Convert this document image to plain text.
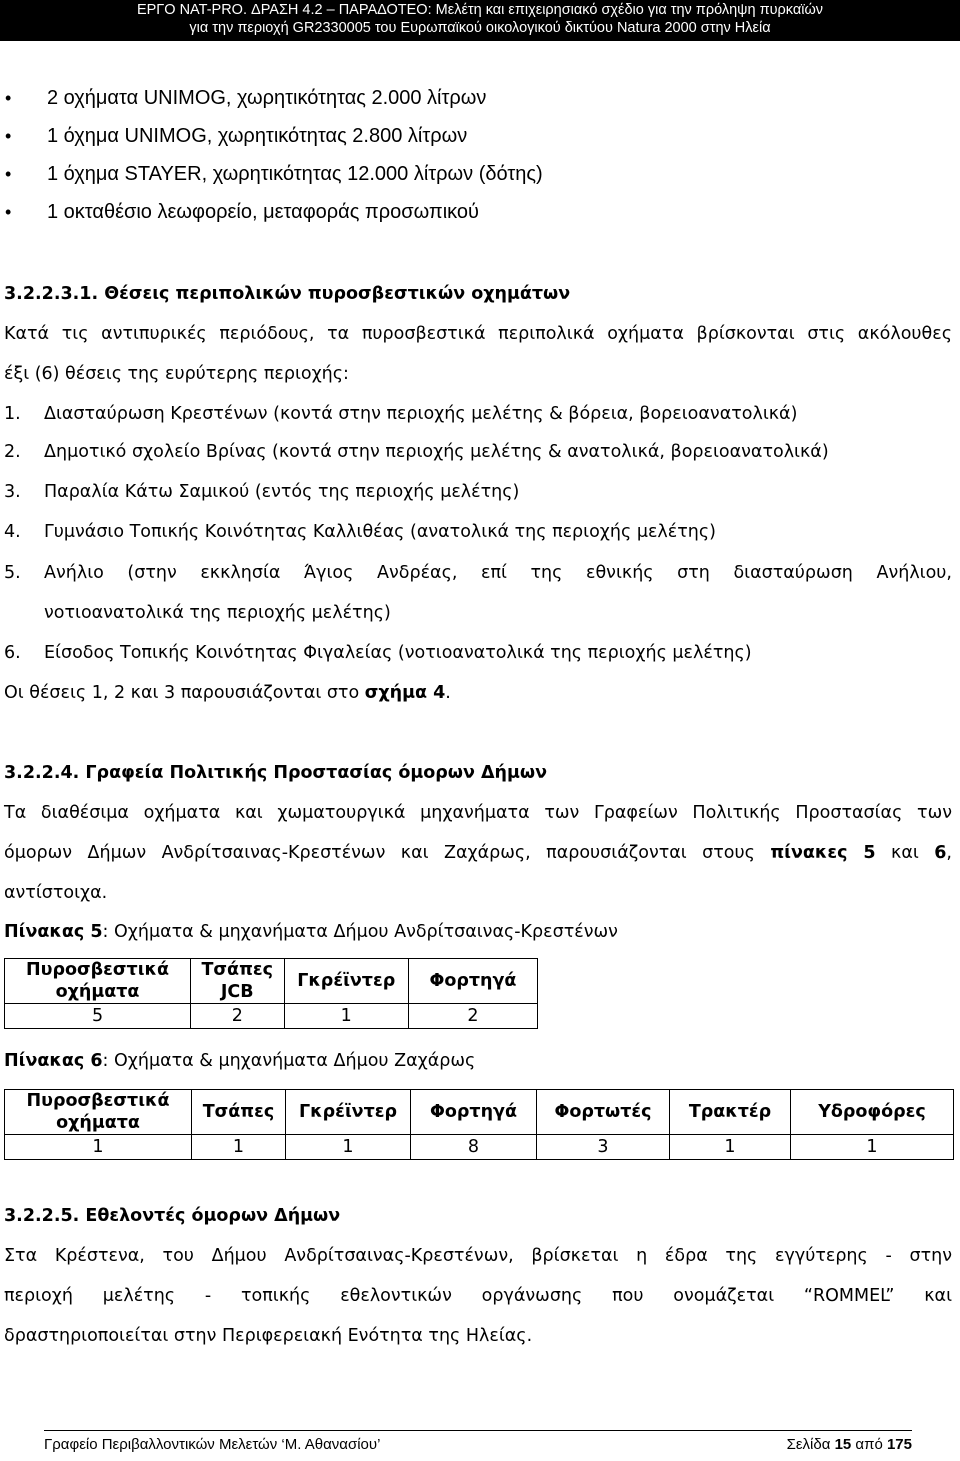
ΕΡΓΟ NAT-PRO. ΔΡΑΣΗ 4.2 – ΠΑΡΑΔΟΤΕΟ: Μελέτη και επιχειρησιακό σχέδιο για την πρόληψη πυρκαϊών
για την περιοχή GR2330005 του Ευρωπαϊκού οικολογικού δικτύου Natura 2000 στην Ηλεία
• 2 οχήματα UNIMOG, χωρητικότητας 2.000 λίτρων
• 1 όχημα UNIMOG, χωρητικότητας 2.800 λίτρων
• 1 όχημα STAYER, χωρητικότητας 12.000 λίτρων (δότης)
• 1 οκταθέσιο λεωφορείο, μεταφοράς προσωπικού
3.2.2.3.1. Θέσεις περιπολικών πυροσβεστικών οχημάτων
Κατά τις αντιπυρικές περιόδους, τα πυροσβεστικά περιπολικά οχήματα βρίσκονται στις ακόλουθες
έξι (6) θέσεις της ευρύτερης περιοχής:
1. Διασταύρωση Κρεστένων (κοντά στην περιοχής μελέτης & βόρεια, βορειοανατολικά)
2. Δημοτικό σχολείο Βρίνας (κοντά στην περιοχής μελέτης & ανατολικά, βορειοανατολικά)
3. Παραλία Κάτω Σαμικού (εντός της περιοχής μελέτης)
4. Γυμνάσιο Τοπικής Κοινότητας Καλλιθέας (ανατολικά της περιοχής μελέτης)
5. Ανήλιο (στην εκκλησία Άγιος Ανδρέας, επί της εθνικής στη διασταύρωση Ανήλιου,
νοτιοανατολικά της περιοχής μελέτης)
6. Είσοδος Τοπικής Κοινότητας Φιγαλείας (νοτιοανατολικά της περιοχής μελέτης)
Οι θέσεις 1, 2 και 3 παρουσιάζονται στο σχήμα 4.
3.2.2.4. Γραφεία Πολιτικής Προστασίας όμορων Δήμων
Τα διαθέσιμα οχήματα και χωματουργικά μηχανήματα των Γραφείων Πολιτικής Προστασίας των
όμορων Δήμων Ανδρίτσαινας-Κρεστένων και Ζαχάρως, παρουσιάζονται στους πίνακες 5 και 6,
αντίστοιχα.
Πίνακας 5: Οχήματα & μηχανήματα Δήμου Ανδρίτσαινας-Κρεστένων
Πυροσβεστικά οχήματα	Τσάπες JCB	Γκρέϊντερ	Φορτηγά
5	2	1	2
Πίνακας 6: Οχήματα & μηχανήματα Δήμου Ζαχάρως
Πυροσβεστικά οχήματα	Τσάπες	Γκρέϊντερ	Φορτηγά	Φορτωτές	Τρακτέρ	Υδροφόρες
1	1	1	8	3	1	1
3.2.2.5. Εθελοντές όμορων Δήμων
Στα Κρέστενα, του Δήμου Ανδρίτσαινας-Κρεστένων, βρίσκεται η έδρα της εγγύτερης - στην
περιοχή μελέτης - τοπικής εθελοντικών οργάνωσης που ονομάζεται “ROMMEL” και
δραστηριοποιείται στην Περιφερειακή Ενότητα της Ηλείας.
Γραφείο Περιβαλλοντικών Μελετών ‘Μ. Αθανασίου’	Σελίδα 15 από 175
